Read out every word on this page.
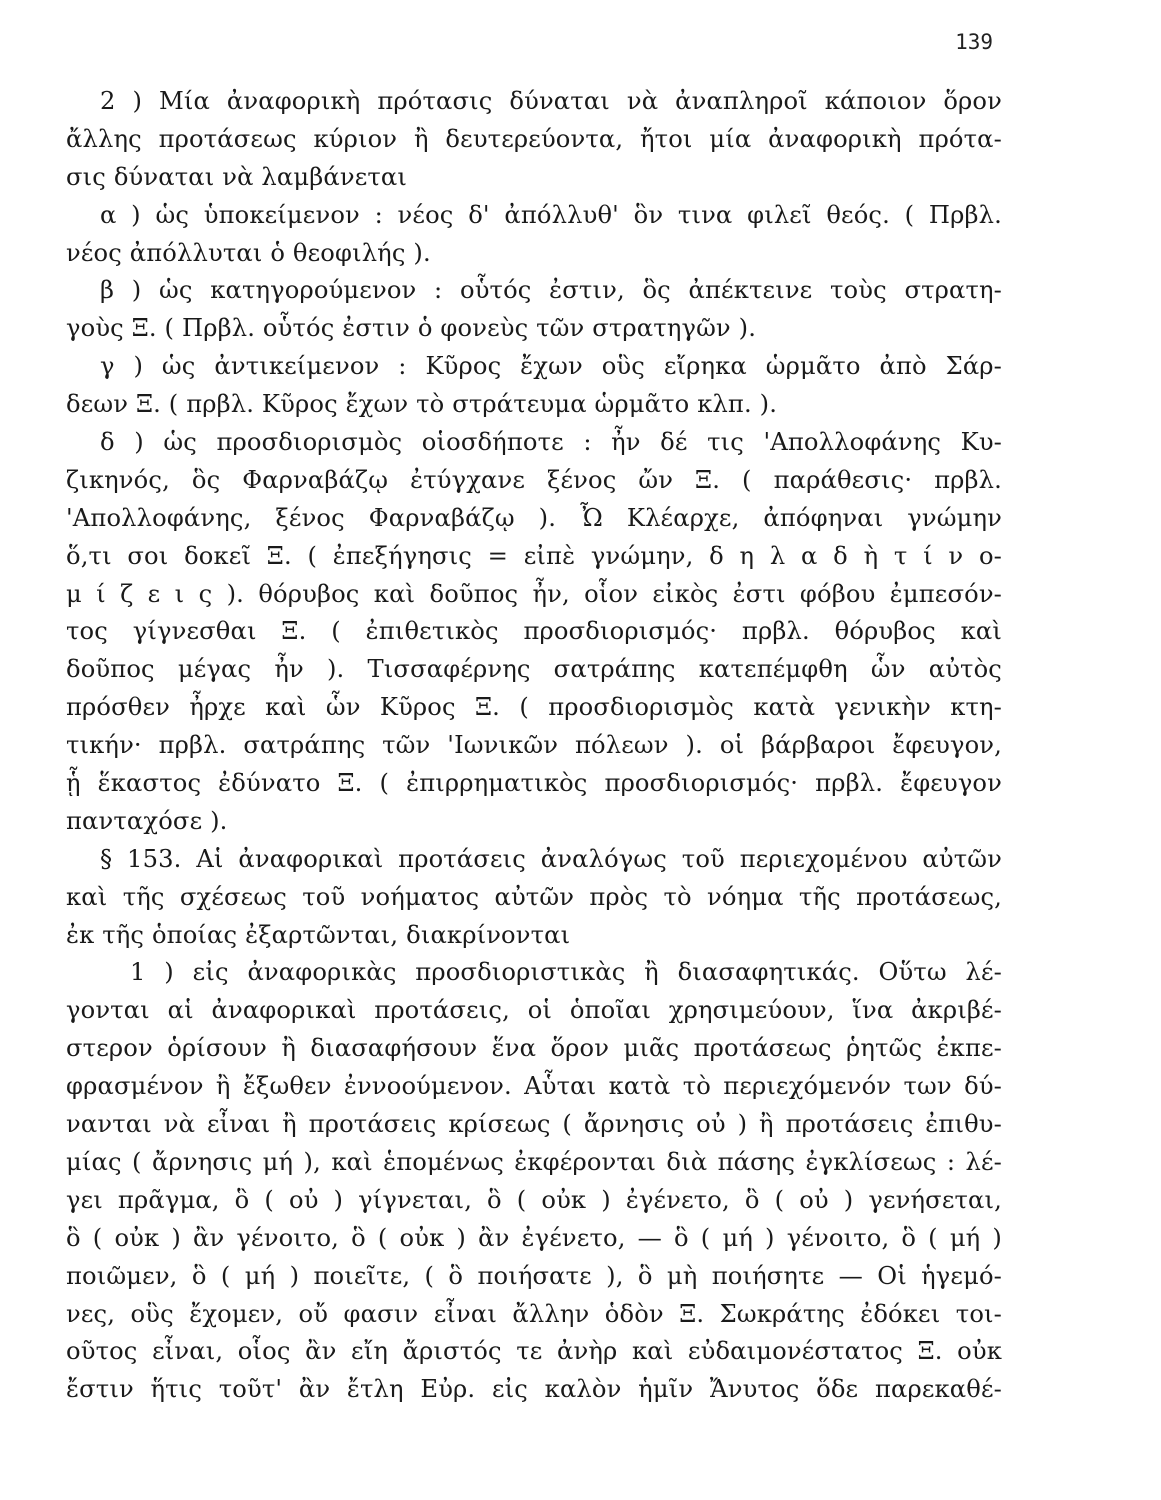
139
2 ) Μία ἀναφορικὴ πρότασις δύναται νὰ ἀναπληροῖ κάποιον ὅρον
ἄλλης προτάσεως κύριον ἢ δευτερεύοντα, ἤτοι μία ἀναφορικὴ πρότα-
σις δύναται νὰ λαμβάνεται
α ) ὡς ὑποκείμενον : νέος δ' ἀπόλλυθ' ὃν τινα φιλεῖ θεός. ( Πρβλ.
νέος ἀπόλλυται ὁ θεοφιλής ).
β ) ὡς κατηγορούμενον : οὗτός ἐστιν, ὃς ἀπέκτεινε τοὺς στρατη-
γοὺς Ξ. ( Πρβλ. οὗτός ἐστιν ὁ φονεὺς τῶν στρατηγῶν ).
γ ) ὡς ἀντικείμενον : Κῦρος ἔχων οὓς εἴρηκα ὡρμᾶτο ἀπὸ Σάρ-
δεων Ξ. ( πρβλ. Κῦρος ἔχων τὸ στράτευμα ὡρμᾶτο κλπ. ).
δ ) ὡς προσδιορισμὸς οἱοσδήποτε : ἦν δέ τις 'Απολλοφάνης Κυ-
ζικηνός, ὃς Φαρναβάζῳ ἐτύγχανε ξένος ὤν Ξ. ( παράθεσις· πρβλ.
'Απολλοφάνης, ξένος Φαρναβάζῳ ). Ὦ Κλέαρχε, ἀπόφηναι γνώμην
ὅ,τι σοι δοκεῖ Ξ. ( ἐπεξήγησις = εἰπὲ γνώμην, δ η λ α δ ὴ τ ί ν ο-
μ ί ζ ε ι ς ). θόρυβος καὶ δοῦπος ἦν, οἷον εἰκὸς ἐστι φόβου ἐμπεσόν-
τος γίγνεσθαι Ξ. ( ἐπιθετικὸς προσδιορισμός· πρβλ. θόρυβος καὶ
δοῦπος μέγας ἦν ). Τισσαφέρνης σατράπης κατεπέμφθη ὧν αὐτὸς
πρόσθεν ἦρχε καὶ ὧν Κῦρος Ξ. ( προσδιορισμὸς κατὰ γενικὴν κτη-
τικήν· πρβλ. σατράπης τῶν 'Ιωνικῶν πόλεων ). οἱ βάρβαροι ἔφευγον,
ᾗ ἕκαστος ἐδύνατο Ξ. ( ἐπιρρηματικὸς προσδιορισμός· πρβλ. ἔφευγον
πανταχόσε ).
§ 153. Αἱ ἀναφορικαὶ προτάσεις ἀναλόγως τοῦ περιεχομένου αὐτῶν
καὶ τῆς σχέσεως τοῦ νοήματος αὐτῶν πρὸς τὸ νόημα τῆς προτάσεως,
ἐκ τῆς ὁποίας ἐξαρτῶνται, διακρίνονται
1 ) εἰς ἀναφορικὰς προσδιοριστικὰς ἢ διασαφητικάς. Οὕτω λέ-
γονται αἱ ἀναφορικαὶ προτάσεις, οἱ ὁποῖαι χρησιμεύουν, ἵνα ἀκριβέ-
στερον ὁρίσουν ἢ διασαφήσουν ἕνα ὅρον μιᾶς προτάσεως ῥητῶς ἐκπε-
φρασμένον ἢ ἔξωθεν ἐννοούμενον. Αὗται κατὰ τὸ περιεχόμενόν των δύ-
νανται νὰ εἶναι ἢ προτάσεις κρίσεως ( ἄρνησις οὐ ) ἢ προτάσεις ἐπιθυ-
μίας ( ἄρνησις μή ), καὶ ἑπομένως ἐκφέρονται διὰ πάσης ἐγκλίσεως : λέ-
γει πρᾶγμα, ὃ ( οὐ ) γίγνεται, ὃ ( οὐκ ) ἐγένετο, ὃ ( οὐ ) γενήσεται,
ὃ ( οὐκ ) ἂν γένοιτο, ὃ ( οὐκ ) ἂν ἐγένετο, — ὃ ( μή ) γένοιτο, ὃ ( μή )
ποιῶμεν, ὃ ( μή ) ποιεῖτε, ( ὃ ποιήσατε ), ὃ μὴ ποιήσητε — Οἱ ἡγεμό-
νες, οὓς ἔχομεν, οὔ φασιν εἶναι ἄλλην ὁδὸν Ξ. Σωκράτης ἐδόκει τοι-
οῦτος εἶναι, οἷος ἂν εἴη ἄριστός τε ἀνὴρ καὶ εὐδαιμονέστατος Ξ. οὐκ
ἔστιν ἥτις τοῦτ' ἂν ἔτλη Εὐρ. εἰς καλὸν ἡμῖν Ἄνυτος ὅδε παρεκαθέ-
